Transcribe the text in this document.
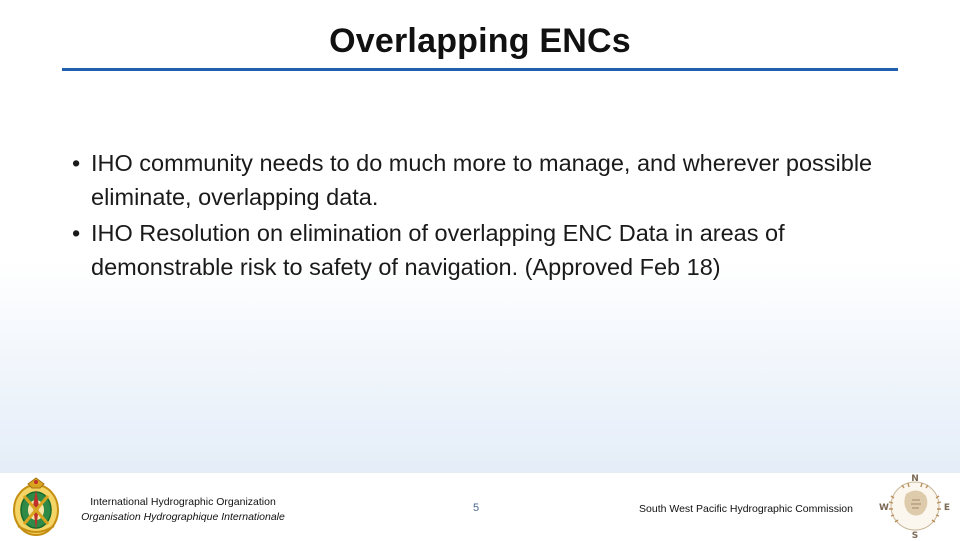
Overlapping ENCs
• IHO community needs to do much more to manage, and wherever possible eliminate, overlapping data.
• IHO Resolution on elimination of overlapping ENC Data in areas of demonstrable risk to safety of navigation. (Approved Feb 18)
International Hydrographic Organization
Organisation Hydrographique Internationale
5	South West Pacific Hydrographic Commission
N
E
S
W
